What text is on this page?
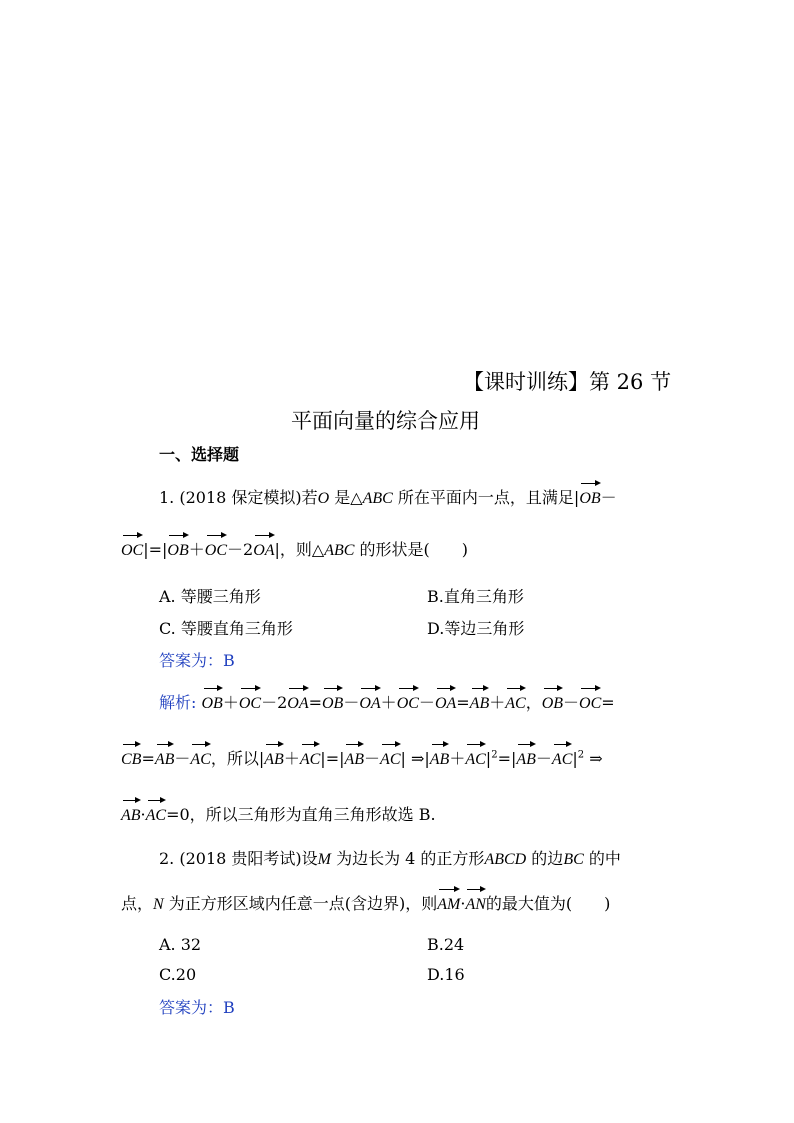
【课时训练】第 26 节
平面向量的综合应用
一、选择题
1. (2018 保定模拟)若O 是△ABC 所在平面内一点，且满足|OB－
OC|=|OB＋OC－2OA|，则△ABC 的形状是(　　)
A. 等腰三角形	B.直角三角形
C. 等腰直角三角形	D.等边三角形
答案为：B
解析: OB＋OC－2OA=OB－OA＋OC－OA=AB＋AC，OB－OC=
CB=AB－AC，所以|AB＋AC|=|AB－AC| $\Rightarrow|AB+AC|^2=|AB-AC|^2$ ⇒
AB·AC=0，所以三角形为直角三角形故选 B.
2. (2018 贵阳考试)设M 为边长为 4 的正方形ABCD 的边BC 的中
点，N 为正方形区域内任意一点(含边界)，则AM·AN的最大值为(　　)
A. 32	B.24
C.20	D.16
答案为：B
